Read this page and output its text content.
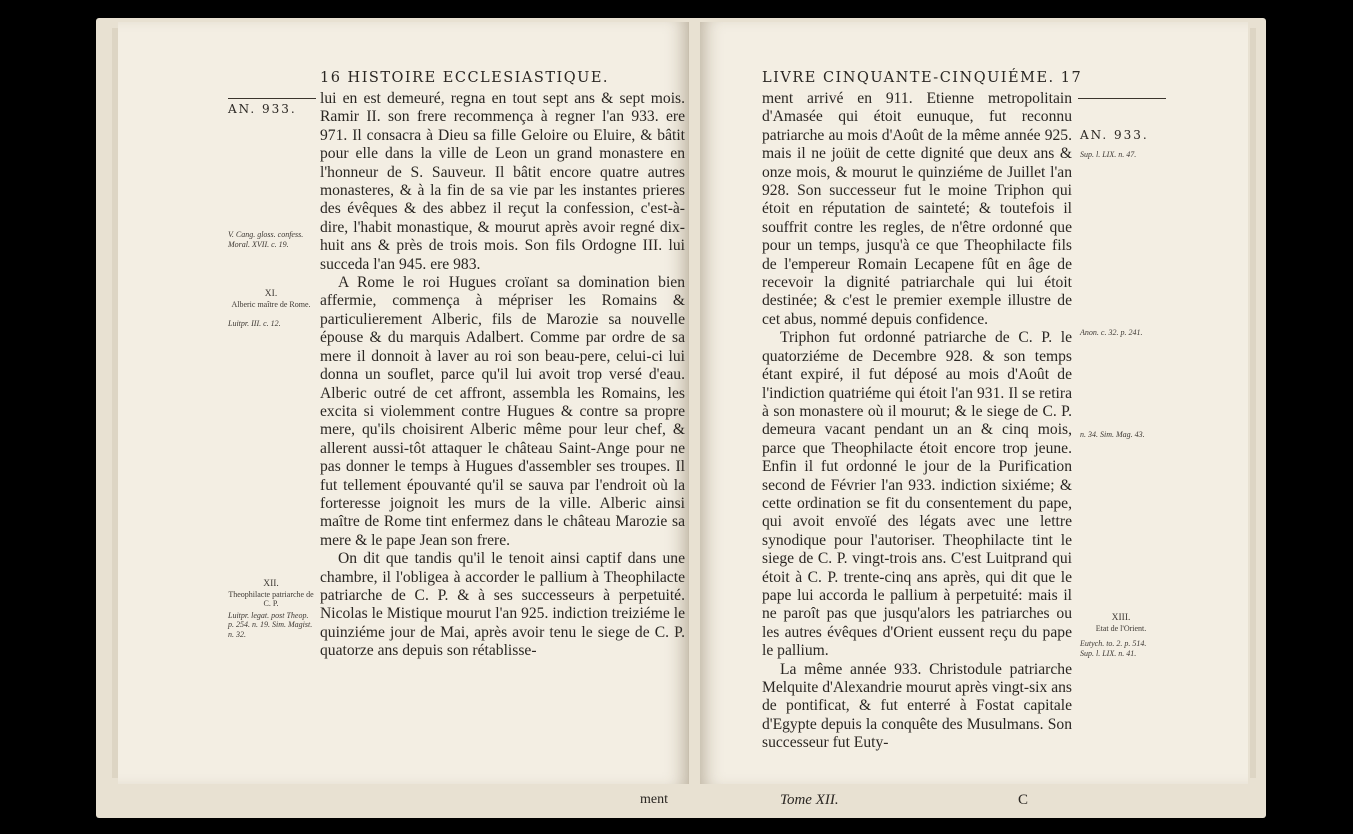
16 HISTOIRE ECCLESIASTIQUE.
AN. 933.

lui en est demeuré, regna en tout sept ans & sept mois. Ramir II. son frere recommença à regner l'an 933. ere 971. Il consacra à Dieu sa fille Geloire ou Eluire, & bâtit pour elle dans la ville de Leon un grand monastere en l'honneur de S. Sauveur. Il bâtit encore quatre autres monasteres, & à la fin de sa vie par les instantes prieres des évêques & des abbez il reçut la confession, c'est-à-dire, l'habit monastique, & mourut après avoir regné dix-huit ans & près de trois mois. Son fils Ordogne III. lui succeda l'an 945. ere 983.

A Rome le roi Hugues croïant sa domination bien affermie, commença à mépriser les Romains & particulierement Alberic, fils de Marozie sa nouvelle épouse & du marquis Adalbert. Comme par ordre de sa mere il donnoit à laver au roi son beau-pere, celui-ci lui donna un souflet, parce qu'il lui avoit trop versé d'eau. Alberic outré de cet affront, assembla les Romains, les excita si violemment contre Hugues & contre sa propre mere, qu'ils choisirent Alberic même pour leur chef, & allerent aussi-tôt attaquer le château Saint-Ange pour ne pas donner le temps à Hugues d'assembler ses troupes. Il fut tellement épouvanté qu'il se sauva par l'endroit où la forteresse joignoit les murs de la ville. Alberic ainsi maître de Rome tint enfermez dans le château Marozie sa mere & le pape Jean son frere.

On dit que tandis qu'il le tenoit ainsi captif dans une chambre, il l'obligea à accorder le pallium à Theophilacte patriarche de C. P. & à ses successeurs à perpetuité. Nicolas le Mistique mourut l'an 925. indiction treiziéme le quinziéme jour de Mai, après avoir tenu le siege de C. P. quatorze ans depuis son rétablisse-

ment
V. Cang. gloss. confess. Moral. XVII. c. 19.
XI.
Alberic maître de Rome.
Luitpr. III. c. 12.
XII.
Theophilacte patriarche de C. P.
Luitpr. legat. post Theop. p. 254. n. 19. Sim. Magist. n. 32.
LIVRE CINQUANTE-CINQUIÉME. 17
AN. 933.

ment arrivé en 911. Etienne metropolitain d'Amasée qui étoit eunuque, fut reconnu patriarche au mois d'Août de la même année 925. mais il ne joüit de cette dignité que deux ans & onze mois, & mourut le quinziéme de Juillet l'an 928. Son successeur fut le moine Triphon qui étoit en réputation de sainteté; & toutefois il souffrit contre les regles, de n'être ordonné que pour un temps, jusqu'à ce que Theophilacte fils de l'empereur Romain Lecapene fût en âge de recevoir la dignité patriarchale qui lui étoit destinée; & c'est le premier exemple illustre de cet abus, nommé depuis confidence.

Triphon fut ordonné patriarche de C. P. le quatorziéme de Decembre 928. & son temps étant expiré, il fut déposé au mois d'Août de l'indiction quatriéme qui étoit l'an 931. Il se retira à son monastere où il mourut; & le siege de C. P. demeura vacant pendant un an & cinq mois, parce que Theophilacte étoit encore trop jeune. Enfin il fut ordonné le jour de la Purification second de Février l'an 933. indiction sixiéme; & cette ordination se fit du consentement du pape, qui avoit envoïé des légats avec une lettre synodique pour l'autoriser. Theophilacte tint le siege de C. P. vingt-trois ans. C'est Luitprand qui étoit à C. P. trente-cinq ans après, qui dit que le pape lui accorda le pallium à perpetuité: mais il ne paroît pas que jusqu'alors les patriarches ou les autres évêques d'Orient eussent reçu du pape le pallium.

La même année 933. Christodule patriarche Melquite d'Alexandrie mourut après vingt-six ans de pontificat, & fut enterré à Fostat capitale d'Egypte depuis la conquête des Musulmans. Son successeur fut Euty-

Sup. l. LIX. n. 47.
Anon. c. 32. p. 241.
n. 34. Sim. Mag. 43.
XIII.
Etat de l'Orient.
Eutych. to. 2. p. 514. Sup. l. LIX. n. 41.
Tome XII.	C
